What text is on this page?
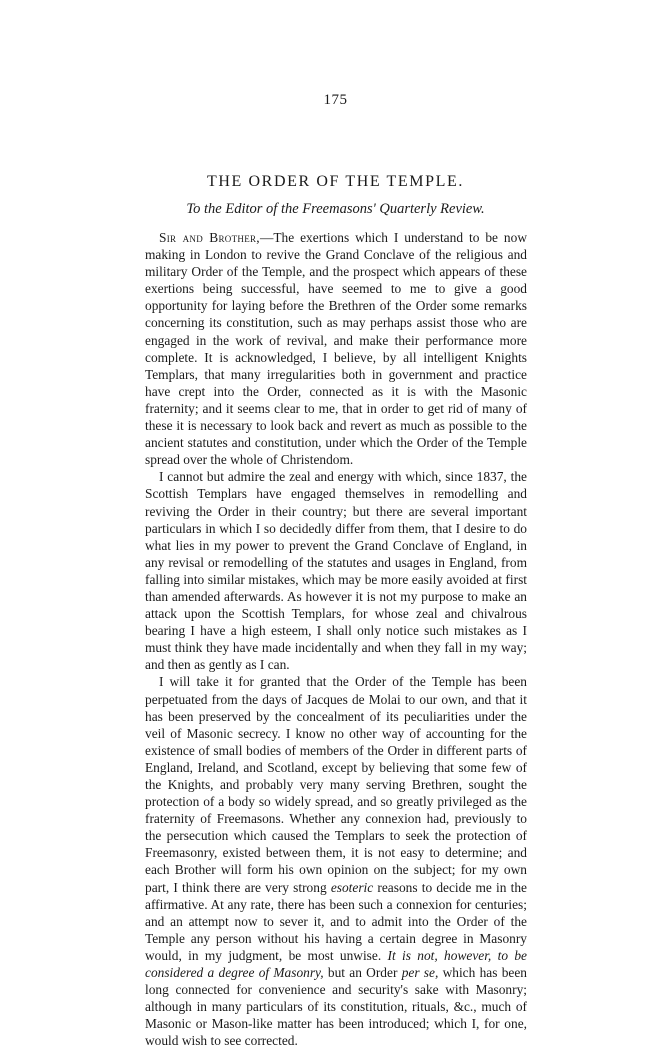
175
THE ORDER OF THE TEMPLE.
To the Editor of the Freemasons' Quarterly Review.

Sir and Brother,—The exertions which I understand to be now making in London to revive the Grand Conclave of the religious and military Order of the Temple, and the prospect which appears of these exertions being successful, have seemed to me to give a good opportunity for laying before the Brethren of the Order some remarks concerning its constitution, such as may perhaps assist those who are engaged in the work of revival, and make their performance more complete. It is acknowledged, I believe, by all intelligent Knights Templars, that many irregularities both in government and practice have crept into the Order, connected as it is with the Masonic fraternity; and it seems clear to me, that in order to get rid of many of these it is necessary to look back and revert as much as possible to the ancient statutes and constitution, under which the Order of the Temple spread over the whole of Christendom.

I cannot but admire the zeal and energy with which, since 1837, the Scottish Templars have engaged themselves in remodelling and reviving the Order in their country; but there are several important particulars in which I so decidedly differ from them, that I desire to do what lies in my power to prevent the Grand Conclave of England, in any revisal or remodelling of the statutes and usages in England, from falling into similar mistakes, which may be more easily avoided at first than amended afterwards. As however it is not my purpose to make an attack upon the Scottish Templars, for whose zeal and chivalrous bearing I have a high esteem, I shall only notice such mistakes as I must think they have made incidentally and when they fall in my way; and then as gently as I can.

I will take it for granted that the Order of the Temple has been perpetuated from the days of Jacques de Molai to our own, and that it has been preserved by the concealment of its peculiarities under the veil of Masonic secrecy. I know no other way of accounting for the existence of small bodies of members of the Order in different parts of England, Ireland, and Scotland, except by believing that some few of the Knights, and probably very many serving Brethren, sought the protection of a body so widely spread, and so greatly privileged as the fraternity of Freemasons. Whether any connexion had, previously to the persecution which caused the Templars to seek the protection of Freemasonry, existed between them, it is not easy to determine; and each Brother will form his own opinion on the subject; for my own part, I think there are very strong esoteric reasons to decide me in the affirmative. At any rate, there has been such a connexion for centuries; and an attempt now to sever it, and to admit into the Order of the Temple any person without his having a certain degree in Masonry would, in my judgment, be most unwise. It is not, however, to be considered a degree of Masonry, but an Order per se, which has been long connected for convenience and security's sake with Masonry; although in many particulars of its constitution, rituals, &c., much of Masonic or Mason-like matter has been introduced; which I, for one, would wish to see corrected.
